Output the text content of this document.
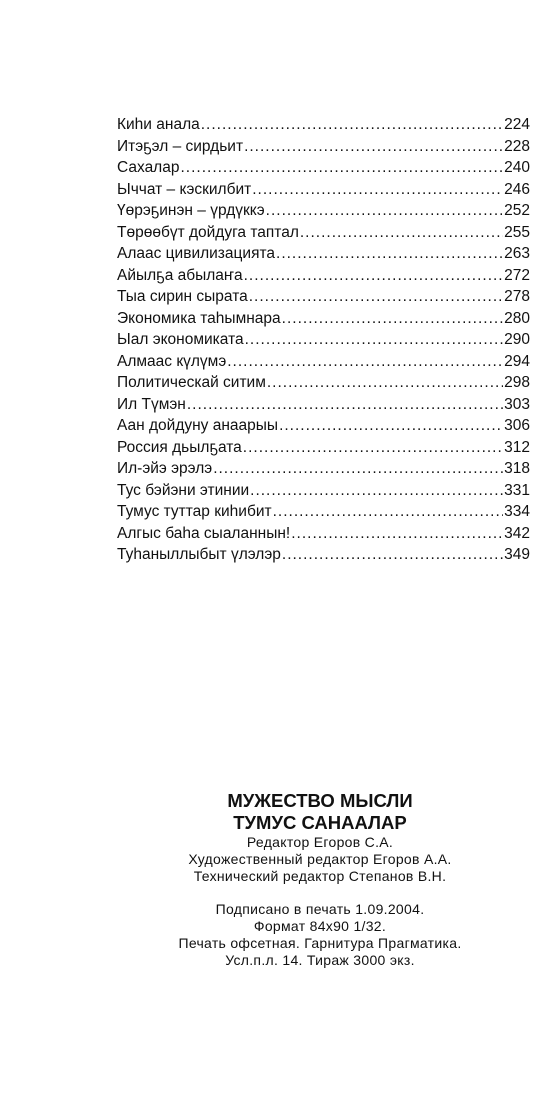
Киһи анала .....	224
Итэҕэл – сирдьит .....	228
Сахалар .....	240
Ыччат – кэскилбит .....	246
Үөрэҕинэн – үрдүккэ .....	252
Төрөөбүт дойдуга таптал .....	255
Алаас цивилизацията .....	263
Айылҕа абылаҥа .....	272
Тыа сирин сырата .....	278
Экономика таһымнара .....	280
Ыал экономиката .....	290
Алмаас күлүмэ .....	294
Политическай ситим .....	298
Ил Түмэн .....	303
Аан дойдуну анаарыы .....	306
Россия дьылҕата .....	312
Ил-эйэ эрэлэ .....	318
Тус бэйэни этинии .....	331
Тумус туттар киһибит .....	334
Алгыс баһа сыаланнын! .....	342
Туһаныллыбыт үлэлэр .....	349
МУЖЕСТВО МЫСЛИ
ТУМУС САНААЛАР
Редактор Егоров С.А.
Художественный редактор Егоров А.А.
Технический редактор Степанов В.Н.
Подписано в печать 1.09.2004.
Формат 84х90 1/32.
Печать офсетная. Гарнитура Прагматика.
Усл.п.л. 14. Тираж 3000 экз.
